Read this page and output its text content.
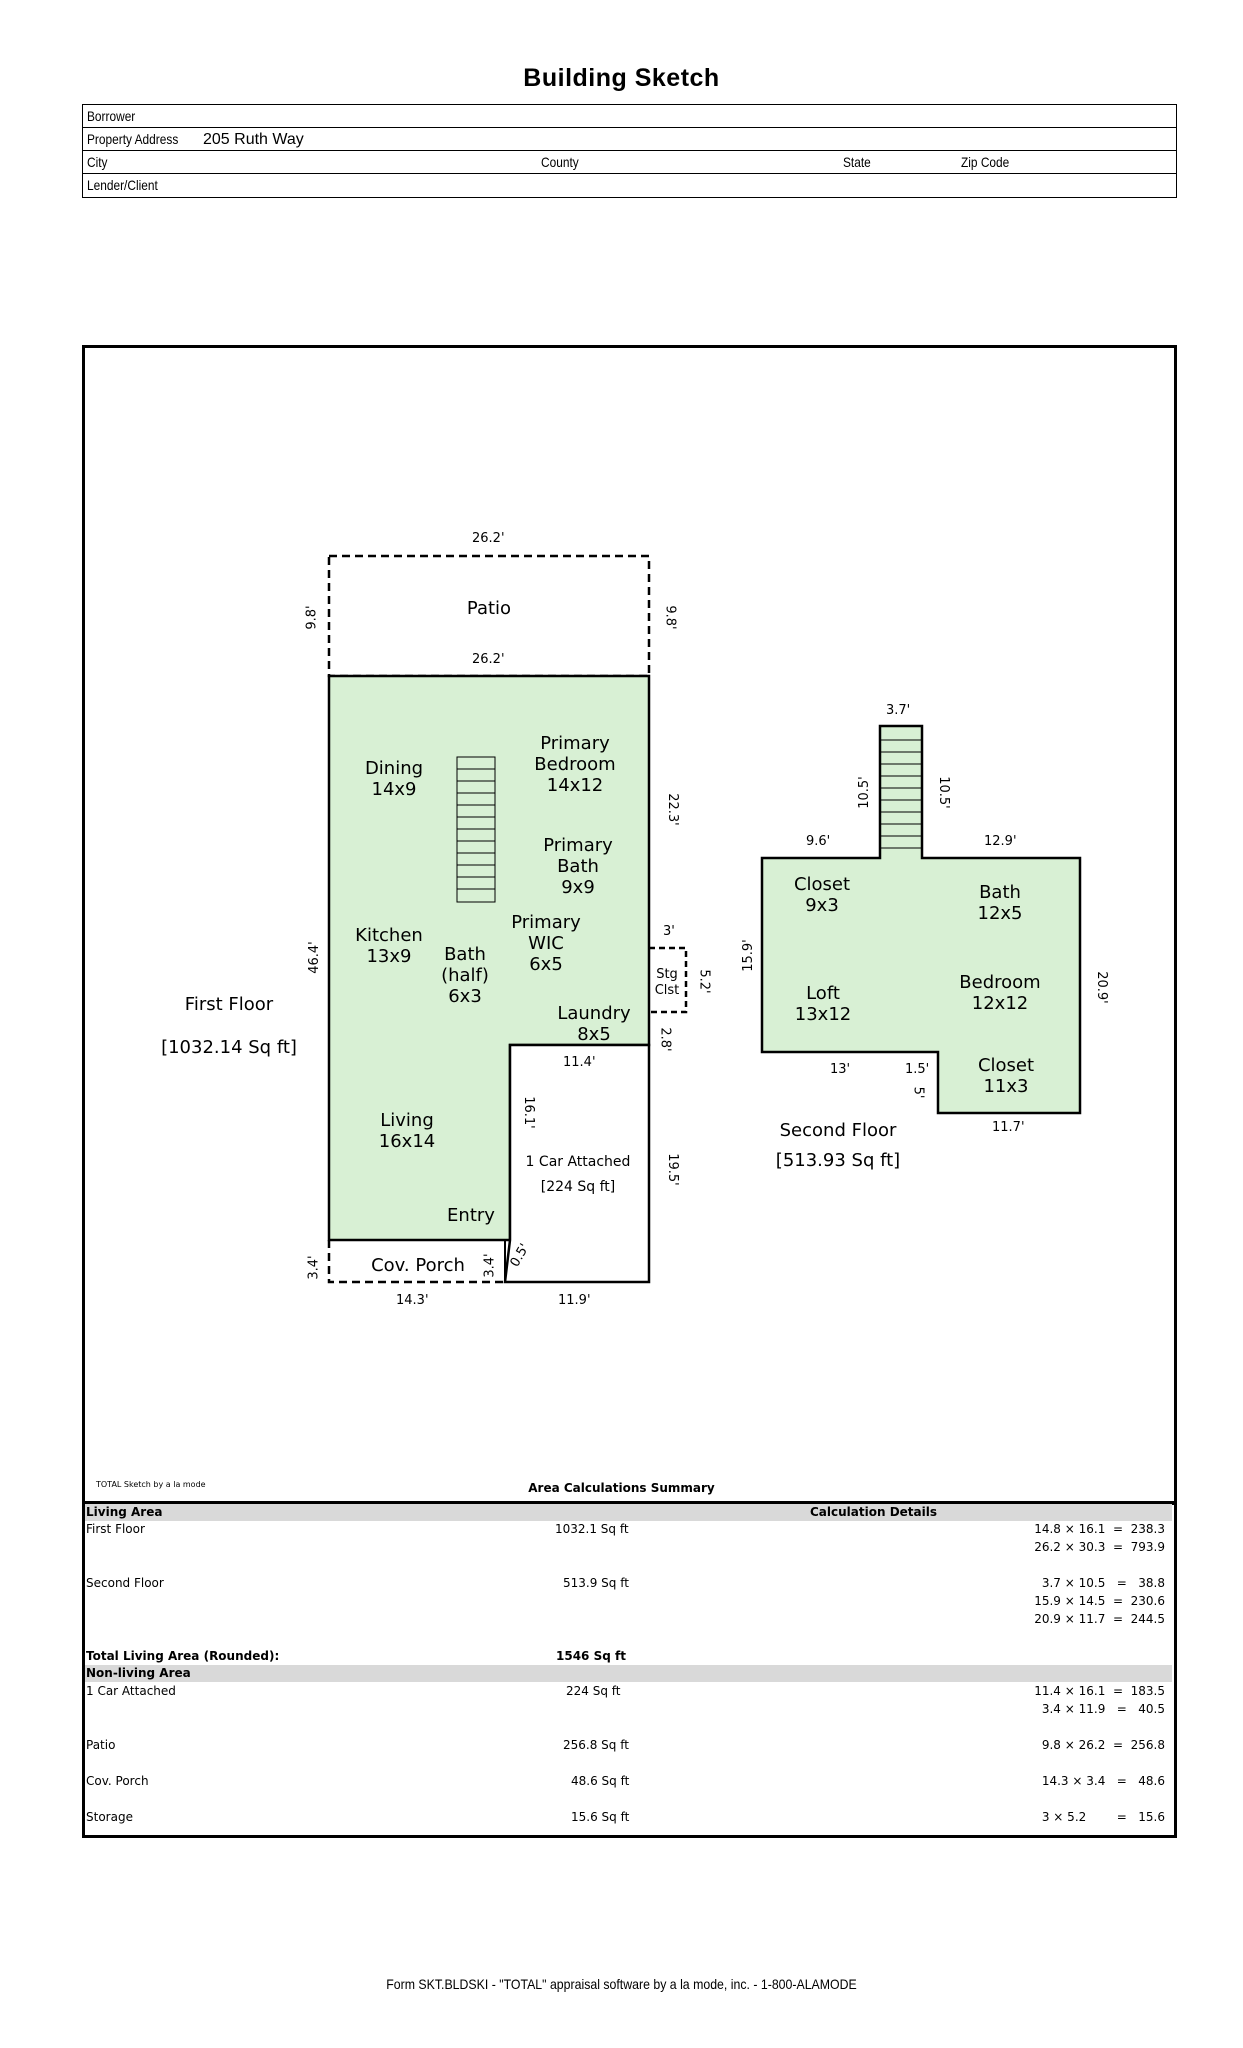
Building Sketch
Borrower
Property Address 205 Ruth Way
City	County	State	Zip Code
Lender/Client
26.2'
26.2'
9.8'	9.8'
46.4'
22.3'
3'
5.2'
2.8'
11.4'
16.1'
19.5'
3.4'	3.4' 0.5'
14.3'	11.9'
3.7'
10.5'	10.5'
9.6'	12.9'
15.9'
20.9'
13'	1.5'
5'
11.7'
Dining
14x9
Primary
Bedroom
14x12
Primary
Bath
9x9
Primary
WIC
6x5
Kitchen
13x9	Bath
(half)
6x3
Laundry
8x5
Living
16x14
Entry
Patio
Stg
Clst
1 Car Attached
[224 Sq ft]
Cov. Porch
First Floor
[1032.14 Sq ft]
Closet
9x3
Bath
12x5
Loft
13x12
Bedroom
12x12
Closet
11x3
Second Floor
[513.93 Sq ft]
TOTAL Sketch by a la mode	Area Calculations Summary
Living Area	Calculation Details
First Floor	1032.1 Sq ft	14.8 × 16.1  =  238.3
26.2 × 30.3  =  793.9
Second Floor	513.9 Sq ft	3.7 × 10.5   =   38.8
15.9 × 14.5  =  230.6
20.9 × 11.7  =  244.5
Total Living Area (Rounded):	1546 Sq ft
Non-living Area
1 Car Attached	224 Sq ft	11.4 × 16.1  =  183.5
3.4 × 11.9   =   40.5
Patio	256.8 Sq ft	9.8 × 26.2  =  256.8
Cov. Porch	48.6 Sq ft	14.3 × 3.4   =   48.6
Storage	15.6 Sq ft	3 × 5.2        =   15.6
Form SKT.BLDSKI - "TOTAL" appraisal software by a la mode, inc. - 1-800-ALAMODE
